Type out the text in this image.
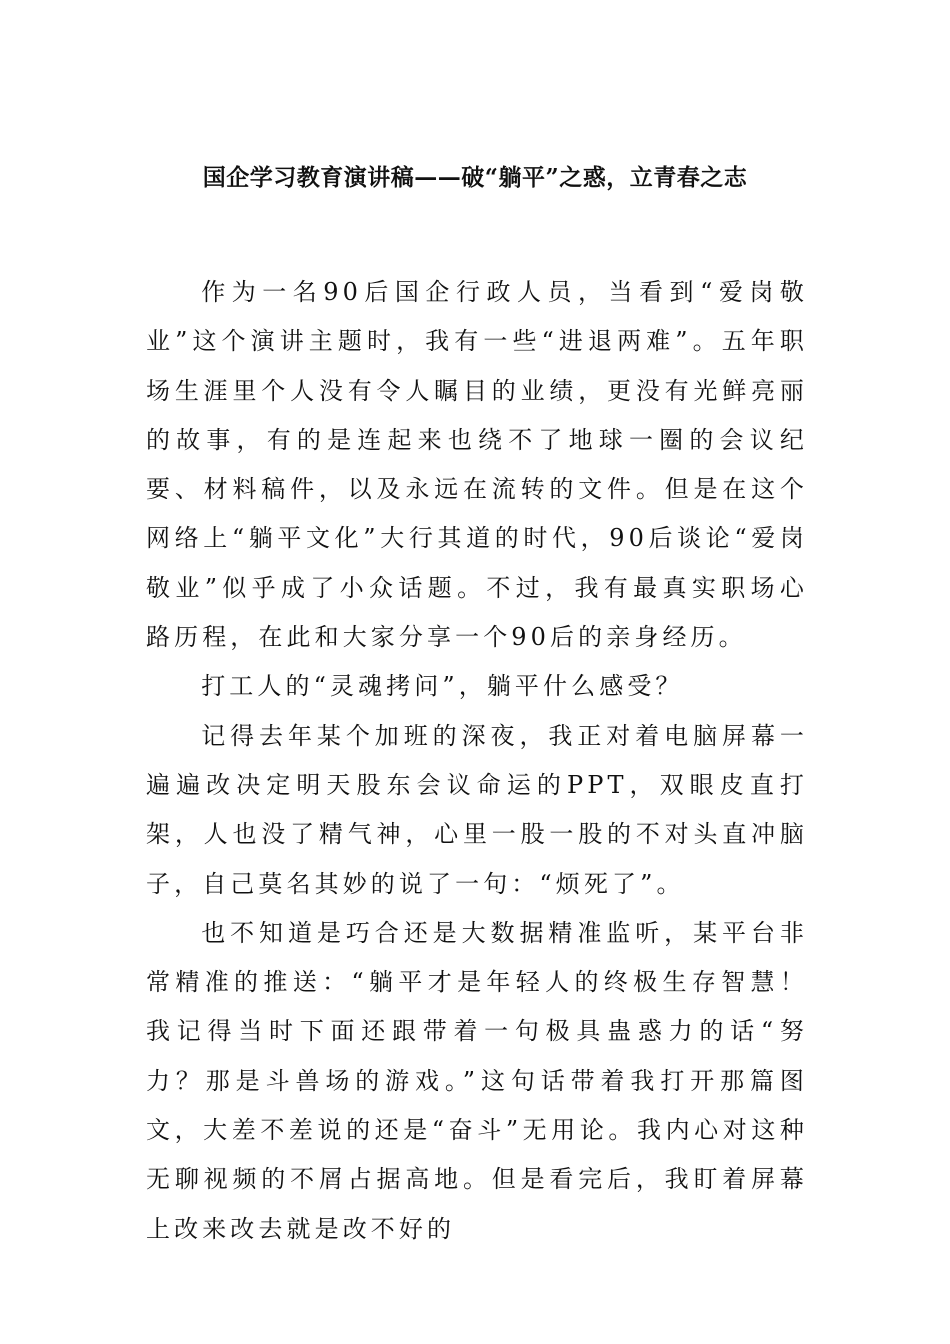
国企学习教育演讲稿——破“躺平”之惑，立青春之志

作为一名90后国企行政人员，当看到“爱岗敬业”这个演讲主题时，我有一些“进退两难”。五年职场生涯里个人没有令人瞩目的业绩，更没有光鲜亮丽的故事，有的是连起来也绕不了地球一圈的会议纪要、材料稿件，以及永远在流转的文件。但是在这个网络上“躺平文化”大行其道的时代，90后谈论“爱岗敬业”似乎成了小众话题。不过，我有最真实职场心路历程，在此和大家分享一个90后的亲身经历。

打工人的“灵魂拷问”，躺平什么感受？

记得去年某个加班的深夜，我正对着电脑屏幕一遍遍改决定明天股东会议命运的PPT，双眼皮直打架，人也没了精气神，心里一股一股的不对头直冲脑子，自己莫名其妙的说了一句：“烦死了”。

也不知道是巧合还是大数据精准监听，某平台非常精准的推送：“躺平才是年轻人的终极生存智慧！我记得当时下面还跟带着一句极具蛊惑力的话“努力？那是斗兽场的游戏。”这句话带着我打开那篇图文，大差不差说的还是“奋斗”无用论。我内心对这种无聊视频的不屑占据高地。但是看完后，我盯着屏幕上改来改去就是改不好的
